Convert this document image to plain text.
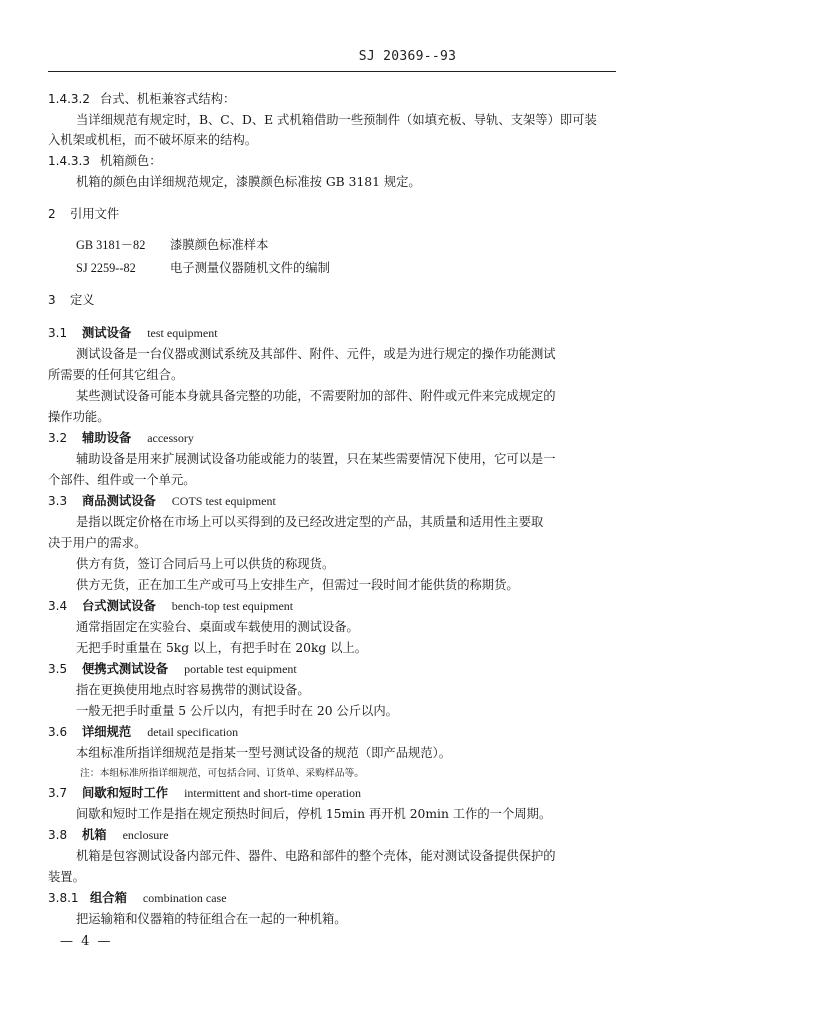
SJ 20369--93
1.4.3.2 台式、机柜兼容式结构：
当详细规范有规定时，B、C、D、E 式机箱借助一些预制件（如填充板、导轨、支架等）即可装
入机架或机柜，而不破坏原来的结构。
1.4.3.3 机箱颜色：
机箱的颜色由详细规范规定，漆膜颜色标准按 GB 3181 规定。
2 引用文件
GB 3181－82 漆膜颜色标准样本
SJ 2259--82	电子测量仪器随机文件的编制
3 定义
3.1 测试设备 test equipment
测试设备是一台仪器或测试系统及其部件、附件、元件，或是为进行规定的操作功能测试
所需要的任何其它组合。
某些测试设备可能本身就具备完整的功能，不需要附加的部件、附件或元件来完成规定的
操作功能。
3.2 辅助设备 accessory
辅助设备是用来扩展测试设备功能或能力的装置，只在某些需要情况下使用，它可以是一
个部件、组件或一个单元。
3.3 商品测试设备 COTS test equipment
是指以既定价格在市场上可以买得到的及已经改进定型的产品，其质量和适用性主要取
决于用户的需求。
供方有货，签订合同后马上可以供货的称现货。
供方无货，正在加工生产或可马上安排生产，但需过一段时间才能供货的称期货。
3.4 台式测试设备 bench-top test equipment
通常指固定在实验台、桌面或车载使用的测试设备。
无把手时重量在 5kg 以上，有把手时在 20kg 以上。
3.5 便携式测试设备 portable test equipment
指在更换使用地点时容易携带的测试设备。
一般无把手时重量 5 公斤以内，有把手时在 20 公斤以内。
3.6 详细规范 detail specification
本组标准所指详细规范是指某一型号测试设备的规范（即产品规范）。
注：本组标准所指详细规范，可包括合同、订货单、采购样品等。
3.7 间歇和短时工作 intermittent and short-time operation
间歇和短时工作是指在规定预热时间后，停机 15min 再开机 20min 工作的一个周期。
3.8 机箱 enclosure
机箱是包容测试设备内部元件、器件、电路和部件的整个壳体，能对测试设备提供保护的
装置。
3.8.1 组合箱 combination case
把运输箱和仪器箱的特征组合在一起的一种机箱。
— 4 —
